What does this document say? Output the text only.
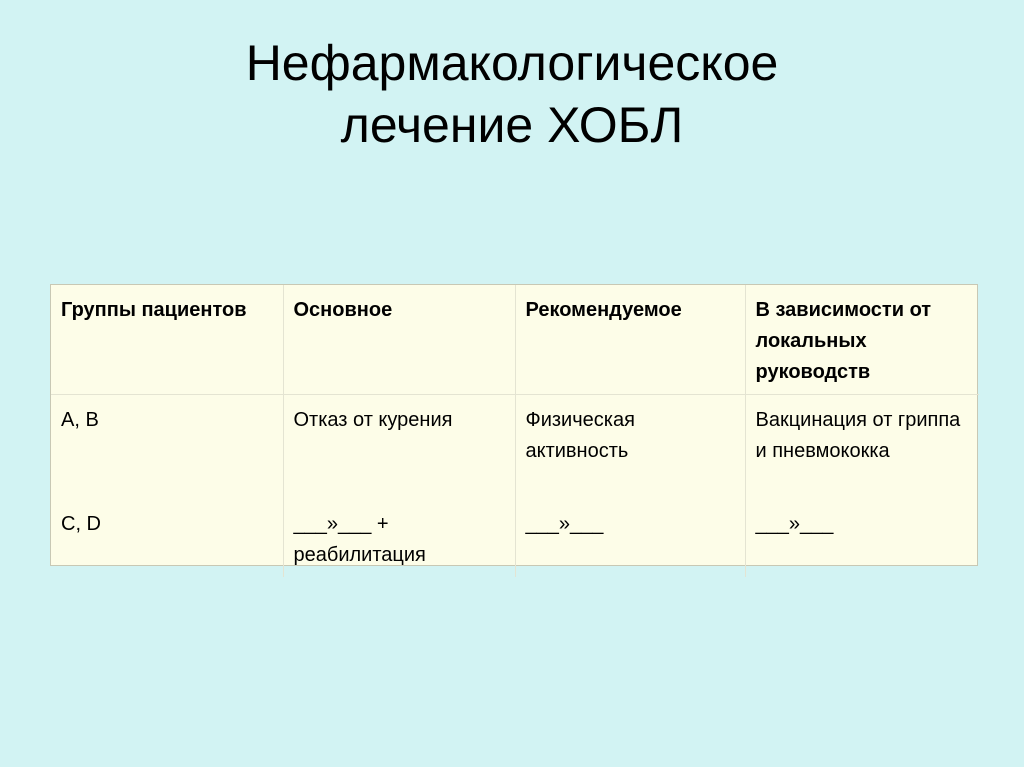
Нефармакологическое
лечение ХОБЛ
Группы пациентов	Основное	Рекомендуемое	В зависимости от локальных руководств
A, B	Отказ от курения	Физическая активность	Вакцинация от гриппа и пневмококка
C, D	___»___ + реабилитация	___»___	___»___
